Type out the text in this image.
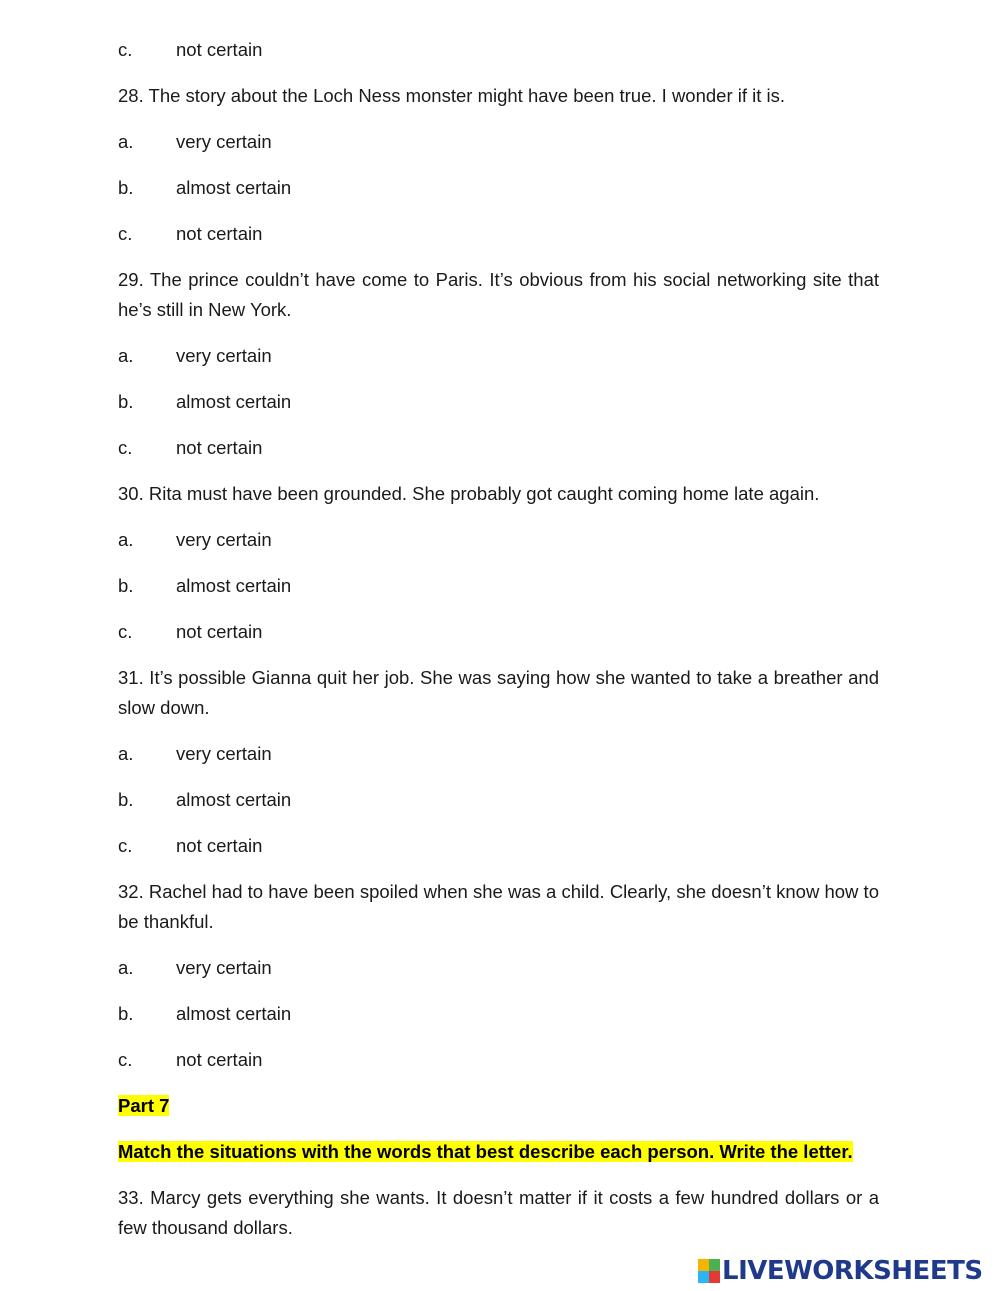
c. not certain
28. The story about the Loch Ness monster might have been true. I wonder if it is.
a. very certain
b. almost certain
c. not certain
29. The prince couldn’t have come to Paris. It’s obvious from his social networking site that he’s still in New York.
a. very certain
b. almost certain
c. not certain
30. Rita must have been grounded. She probably got caught coming home late again.
a. very certain
b. almost certain
c. not certain
31. It’s possible Gianna quit her job. She was saying how she wanted to take a breather and slow down.
a. very certain
b. almost certain
c. not certain
32. Rachel had to have been spoiled when she was a child. Clearly, she doesn’t know how to be thankful.
a. very certain
b. almost certain
c. not certain
Part 7
Match the situations with the words that best describe each person. Write the letter.
33. Marcy gets everything she wants. It doesn’t matter if it costs a few hundred dollars or a few thousand dollars.
LIVEWORKSHEETS
